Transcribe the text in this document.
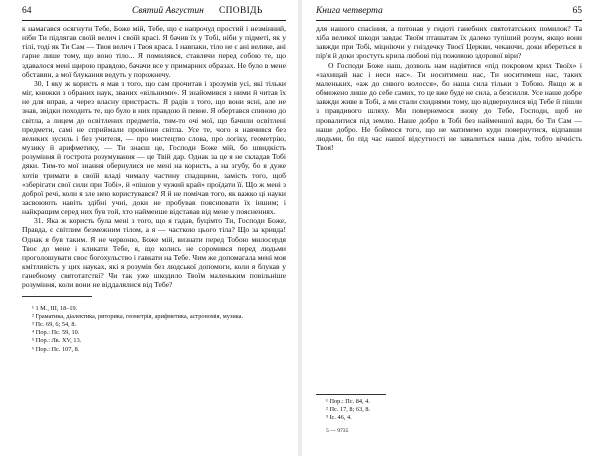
64	Святий Августин СПОВІДЬ

к намагався осягнути Тебе, Боже мій, Тебе, що є напрочуд простий і незмінний, ніби Ти підлягав своїй велич і своїй красі. Я бачив їх у Тобі, ніби у підметі, як у тілі, тоді як Ти Сам — Твоя велич і Твоя краса. І навпаки, тіло не є ані велике, ані гарне лише тому, що воно тіло... Я помилявся, ставлячи перед собою те, що здавалося мені щирою правдою, бачачи все у примарних образах. Не було в мене обставин, а мої блукання ведуть у порожнечу.

30. І яку ж користь я мав з того, що сам прочитав і зрозумів усі, які тільки міг, книжки з обраних наук, званих «вільними». Я знайомився з ними й читав їх не для вправ, а через власну пристрасть. Я радів з того, що вони ясні, але не знав, звідки походить те, що було в них правдою й певне. Я обертався спиною до світла, а лицем до освітлених предметів, тим-то очі мої, що бачили освітлені предмети, самі не сприймали проміння світла. Усе те, чого я навчився без великих зусиль і без учителя, — про мистецтво слова, про логіку, геометрію, музику й арифметику, — Ти знаєш це, Господи Боже мій, бо швидкість розуміння й гострота розумування — це Твій дар. Однак за це я не складав Тобі дяки. Тим-то мої знання обернулися не мені на користь, а на згубу, бо я дуже хотів тримати в своїй владі чималу частину спадщини, замість того, щоб «зберігати свої сили при Тобі», й «пішов у чужий край» проїдати її. Що ж мені з доброї речі, коли я зле нею користувався? Я й не помічав того, як важко ці науки засвоюють навіть здібні учні, доки не пробував пояснювати їх іншим; і найкращим серед них був той, хто найменше відставав від мене у поясненнях.

31. Яка ж користь була мені з того, що я гадав, буцімто Ти, Господи Боже, Правда, є світлим безмежним тілом, а я — часткою цього тіла? Що за кривда! Однак я був таким. Я не червоню, Боже мій, визнати перед Тобою милосердя Твоє до мене і кликати Тебе, я, що колись не соромився перед людьми проголошувати своє богохульство і гавкати на Тебе. Чим же допомагала мені моя кмітливість у цих науках, які я розумів без людської допомоги, коли я блукав у ганебному святотатстві? Чи так уже шкодило Твоїм маленьким повільніше розуміння, коли вони не віддалялися від Тебе?

¹ 1 М., ІІІ, 18–19.
² Граматика, діалектика, риторика, геометрія, арифметика, астрономія, музика.
³ Пс. 69, 6; 54, 8.
⁴ Пор.: Пс. 59, 10.
⁵ Пор.: Лк. XV, 13.
⁶ Пор.: Пс. 107, 8.
Книга четверта	65

для нашого спасіння, а потонав у гидоті ганебних святотатських помилок? Та хіба великої шкоди завдає Твоїм пташатам їх далеко тупіший розум, якщо вони завжди при Тобі, міцніючи у гніздечку Твоєї Церкви, чекаючи, доки вбереться в пір'я й доки зростуть крила любові під поживою здорової віри?

О Господи Боже наш, дозволь нам надіятися «під покровом крил Твоїх» і «захищай нас і неси нас». Ти носитимеш нас, Ти носитимеш нас, таких маленьких, «аж до сивого волосся», бо наша сила тільки з Тобою. Якщо ж я обмежено лише до себе самих, то це вже буде не сила, а безсилля. Усе наше добре завжди живе в Тобі, а ми стали схиднями тому, що відвернулися від Тебе й пішли з правдивого шляху. Ми повернемося знову до Тебе, Господи, щоб не провалитися під землю. Наше добро в Тобі без найменшої вади, бо Ти Сам — наше добро. Не боймося того, що не матимемо куди повернутися, відпавши людьми, бо під час нашої відсутності не завалиться наша дім, тобто вічність Твоя!

¹ Пор.: Пс. 84, 4.
² Пс. 17, 8; 63, 8.
³ Іс. 46, 4.
5 — 9735
